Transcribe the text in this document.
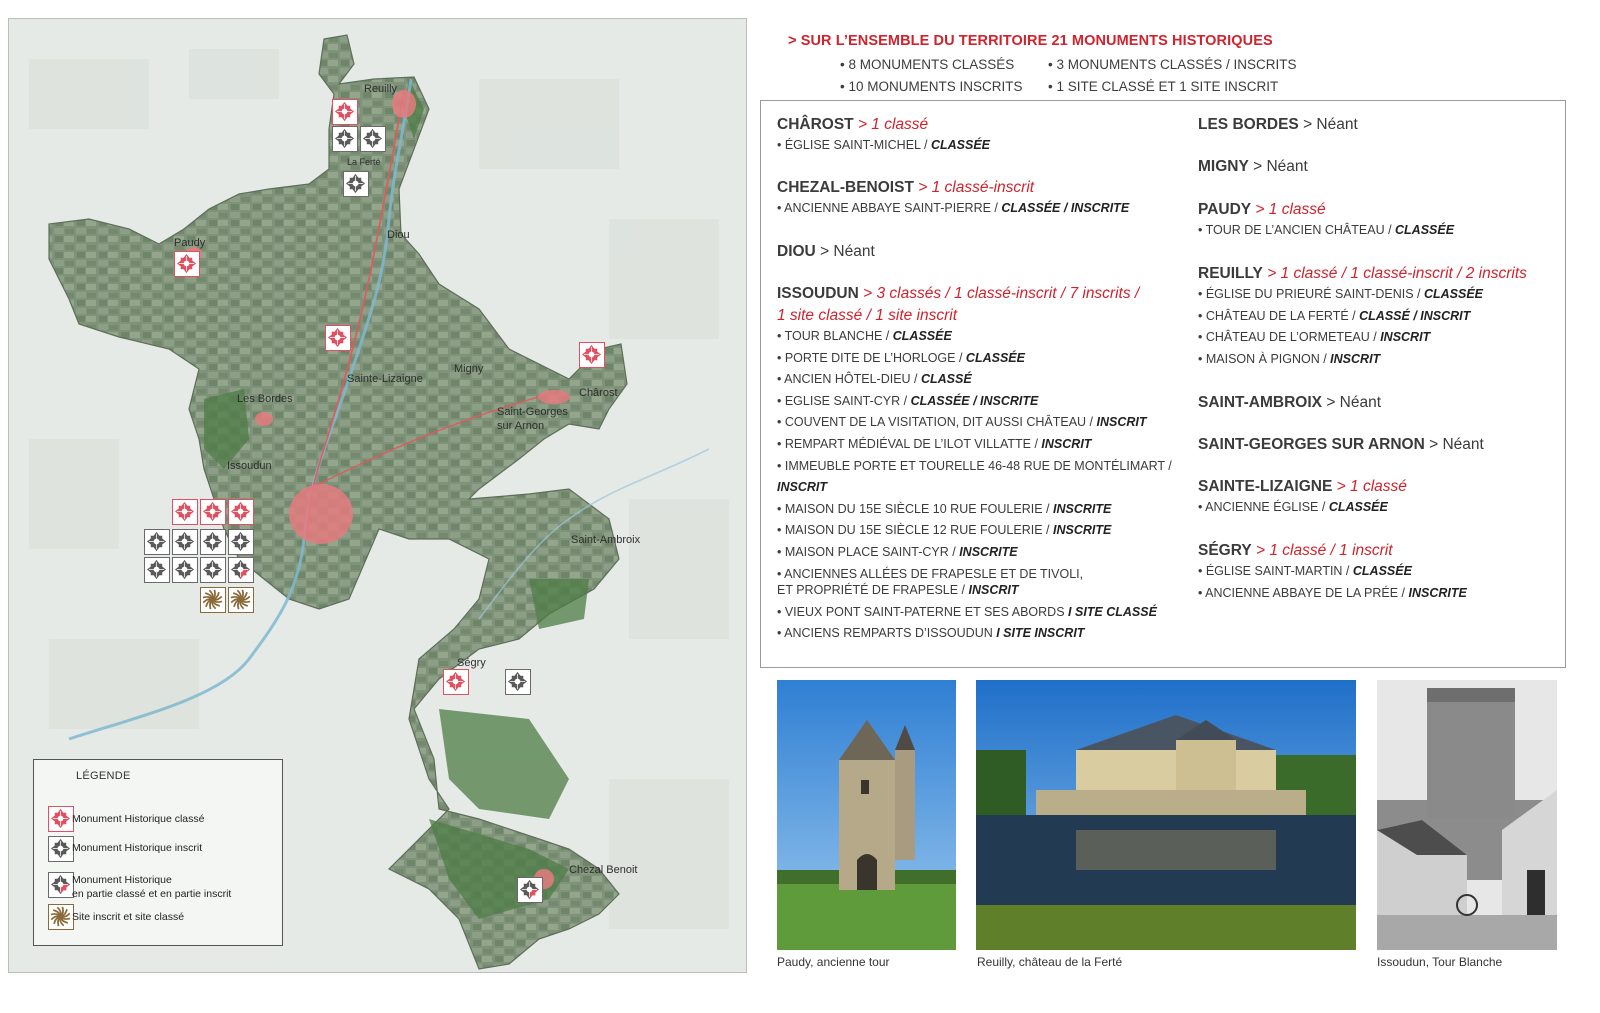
Reuilly
La Ferté
Paudy
Diou
Sainte-Lizaigne
Migny
Chârost
Les Bordes
Saint-Georges
sur Arnon
Issoudun
Saint-Ambroix
Ségry
Chezal Benoit
LÉGENDE
Monument Historique classé
Monument Historique inscrit
Monument Historique
en partie classé et en partie inscrit
Site inscrit et site classé
> SUR L’ENSEMBLE DU TERRITOIRE 21 MONUMENTS HISTORIQUES
• 8 MONUMENTS CLASSÉS • 3 MONUMENTS CLASSÉS / INSCRITS
• 10 MONUMENTS INSCRITS • 1 SITE CLASSÉ ET 1 SITE INSCRIT
CHÂROST > 1 classé
• ÉGLISE SAINT-MICHEL / CLASSÉE
CHEZAL-BENOIST > 1 classé-inscrit
• ANCIENNE ABBAYE SAINT-PIERRE / CLASSÉE / INSCRITE
DIOU > Néant
ISSOUDUN > 3 classés / 1 classé-inscrit / 7 inscrits /
1 site classé / 1 site inscrit
• TOUR BLANCHE / CLASSÉE
• PORTE DITE DE L’HORLOGE / CLASSÉE
• ANCIEN HÔTEL-DIEU / CLASSÉ
• EGLISE SAINT-CYR / CLASSÉE / INSCRITE
• COUVENT DE LA VISITATION, DIT AUSSI CHÂTEAU / INSCRIT
• REMPART MÉDIÉVAL DE L’ILOT VILLATTE / INSCRIT
• IMMEUBLE PORTE ET TOURELLE 46-48 RUE DE MONTÉLIMART /
INSCRIT
• MAISON DU 15E SIÈCLE 10 RUE FOULERIE / INSCRITE
• MAISON DU 15E SIÈCLE 12 RUE FOULERIE / INSCRITE
• MAISON PLACE SAINT-CYR / INSCRITE
• ANCIENNES ALLÉES DE FRAPESLE ET DE TIVOLI,
ET PROPRIÉTÉ DE FRAPESLE / INSCRIT
• VIEUX PONT SAINT-PATERNE ET SES ABORDS I SITE CLASSÉ
• ANCIENS REMPARTS D’ISSOUDUN I SITE INSCRIT
LES BORDES > Néant
MIGNY > Néant
PAUDY > 1 classé
• TOUR DE L’ANCIEN CHÂTEAU / CLASSÉE
REUILLY > 1 classé / 1 classé-inscrit / 2 inscrits
• ÉGLISE DU PRIEURÉ SAINT-DENIS / CLASSÉE
• CHÂTEAU DE LA FERTÉ / CLASSÉ / INSCRIT
• CHÂTEAU DE L’ORMETEAU / INSCRIT
• MAISON À PIGNON / INSCRIT
SAINT-AMBROIX > Néant
SAINT-GEORGES SUR ARNON > Néant
SAINTE-LIZAIGNE > 1 classé
• ANCIENNE ÉGLISE / CLASSÉE
SÉGRY > 1 classé / 1 inscrit
• ÉGLISE SAINT-MARTIN / CLASSÉE
• ANCIENNE ABBAYE DE LA PRÉE / INSCRITE
Paudy, ancienne tour	Reuilly, château de la Ferté	Issoudun, Tour Blanche
